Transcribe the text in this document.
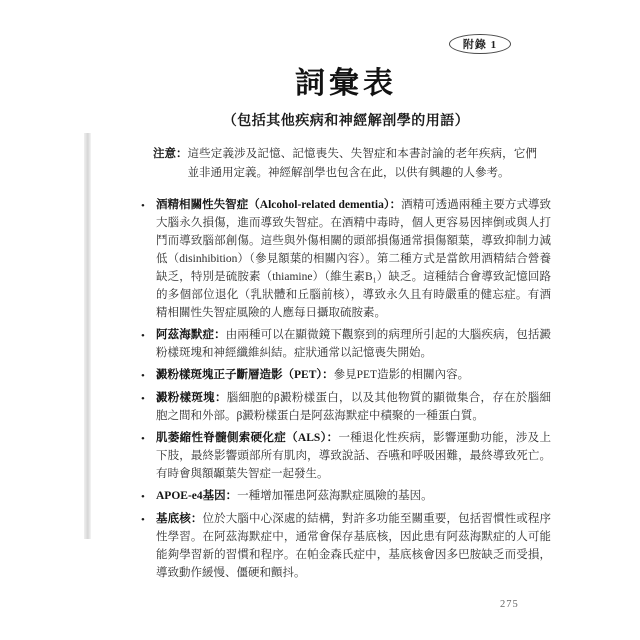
附錄 1
詞彙表
（包括其他疾病和神經解剖學的用語）
注意： 這些定義涉及記憶、記憶喪失、失智症和本書討論的老年疾病，它們並非通用定義。神經解剖學也包含在此，以供有興趣的人參考。
• 酒精相關性失智症（Alcohol-related dementia）：酒精可透過兩種主要方式導致大腦永久損傷，進而導致失智症。在酒精中毒時，個人更容易因摔倒或與人打鬥而導致腦部創傷。這些與外傷相關的頭部損傷通常損傷額葉，導致抑制力減低（disinhibition）（參見額葉的相關內容）。第二種方式是當飲用酒精結合營養缺乏，特別是硫胺素（thiamine）（維生素B₁）缺乏。這種結合會導致記憶回路的多個部位退化（乳狀體和丘腦前核），導致永久且有時嚴重的健忘症。有酒精相關性失智症風險的人應每日攝取硫胺素。

• 阿茲海默症：由兩種可以在顯微鏡下觀察到的病理所引起的大腦疾病，包括澱粉樣斑塊和神經纖維糾結。症狀通常以記憶喪失開始。

• 澱粉樣斑塊正子斷層造影（PET）：參見PET造影的相關內容。

• 澱粉樣斑塊：腦細胞的β澱粉樣蛋白，以及其他物質的顯微集合，存在於腦細胞之間和外部。β澱粉樣蛋白是阿茲海默症中積聚的一種蛋白質。

• 肌萎縮性脊髓側索硬化症（ALS）：一種退化性疾病，影響運動功能，涉及上下肢，最終影響頭部所有肌肉，導致說話、吞嚥和呼吸困難，最終導致死亡。有時會與額顳葉失智症一起發生。

• APOE-e4基因：一種增加罹患阿茲海默症風險的基因。

• 基底核：位於大腦中心深處的結構，對許多功能至關重要，包括習慣性或程序性學習。在阿茲海默症中，通常會保存基底核，因此患有阿茲海默症的人可能能夠學習新的習慣和程序。在帕金森氏症中，基底核會因多巴胺缺乏而受損，導致動作緩慢、僵硬和顫抖。

275
